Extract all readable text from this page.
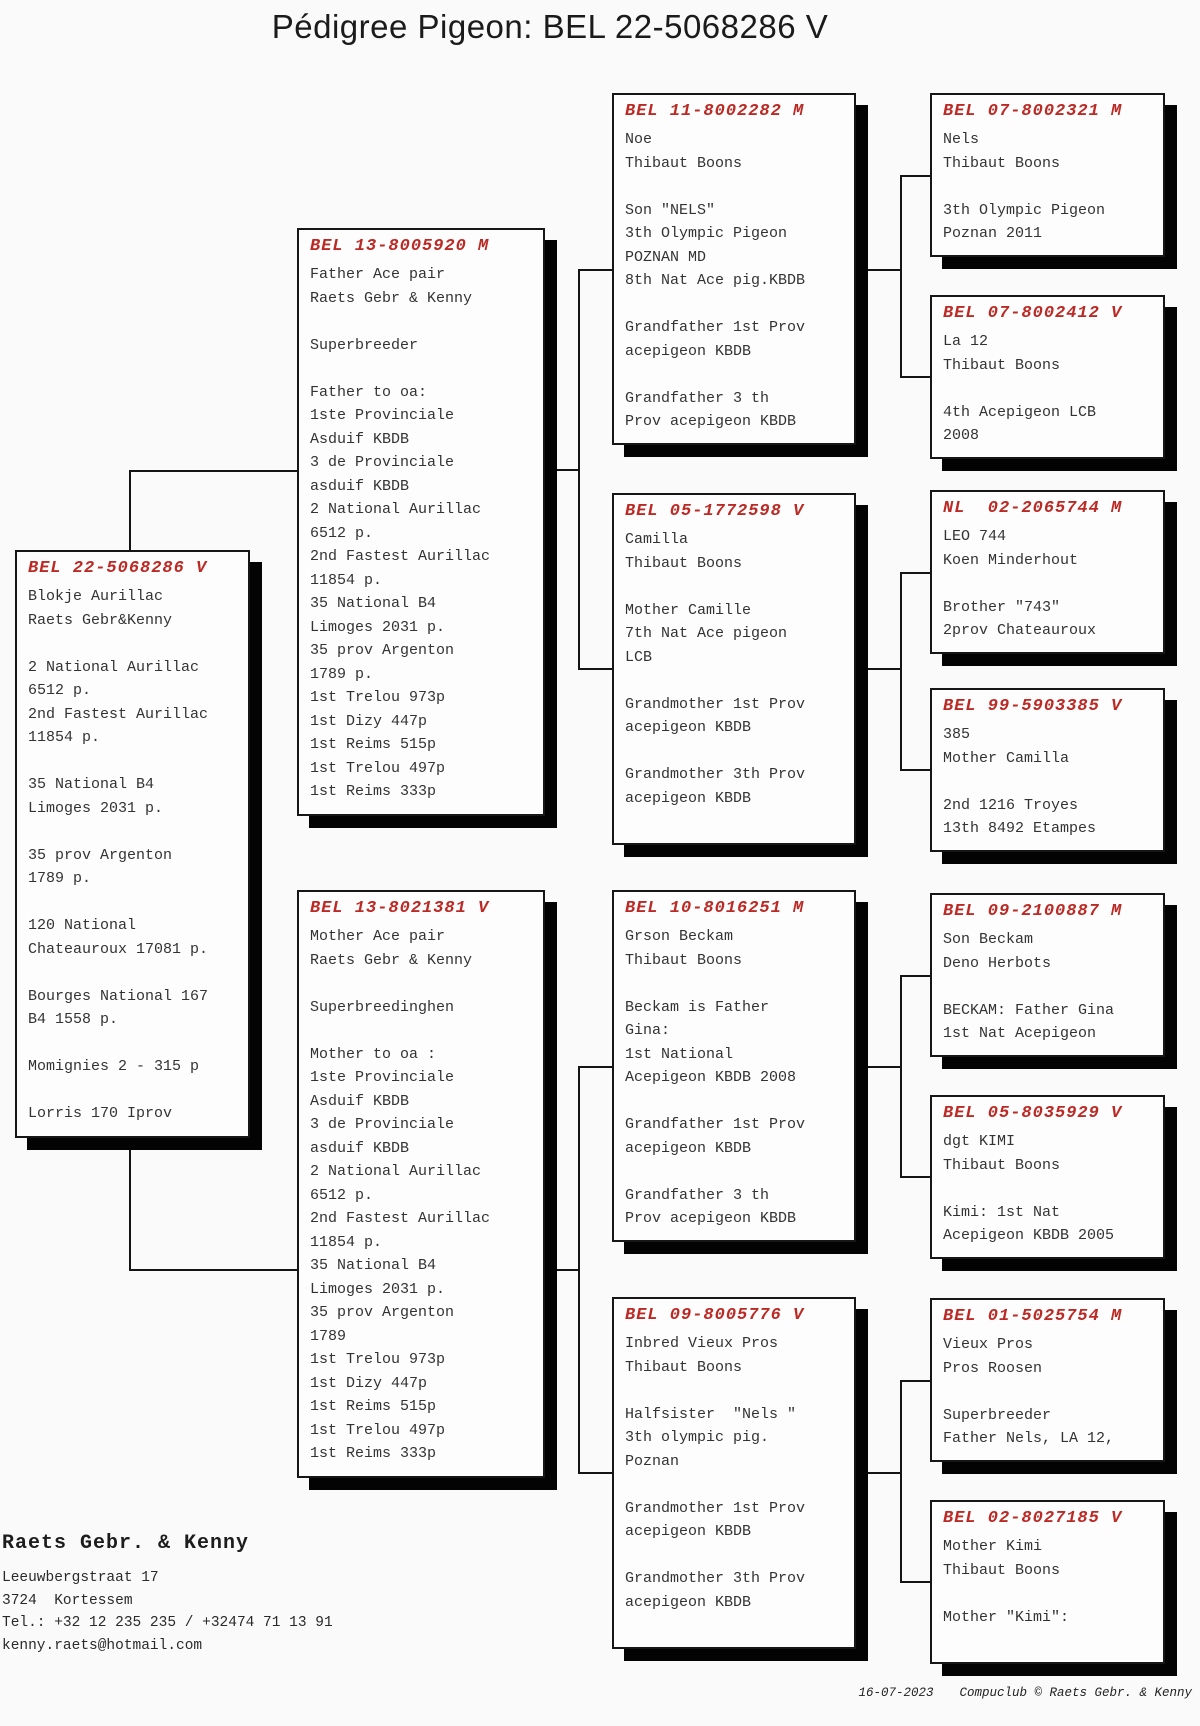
Pédigree Pigeon: BEL 22-5068286 V
BEL 22-5068286 V
Blokje Aurillac
Raets Gebr&Kenny

2 National Aurillac
6512 p.
2nd Fastest Aurillac
11854 p.

35 National B4
Limoges 2031 p.

35 prov Argenton
1789 p.

120 National
Chateauroux 17081 p.

Bourges National 167
B4 1558 p.

Momignies 2 - 315 p

Lorris 170 Iprov
BEL 13-8005920 M
Father Ace pair
Raets Gebr & Kenny

Superbreeder

Father to oa:
1ste Provinciale
Asduif KBDB
3 de Provinciale
asduif KBDB
2 National Aurillac
6512 p.
2nd Fastest Aurillac
11854 p.
35 National B4
Limoges 2031 p.
35 prov Argenton
1789 p.
1st Trelou 973p
1st Dizy 447p
1st Reims 515p
1st Trelou 497p
1st Reims 333p
BEL 13-8021381 V
Mother Ace pair
Raets Gebr & Kenny

Superbreedinghen

Mother to oa :
1ste Provinciale
Asduif KBDB
3 de Provinciale
asduif KBDB
2 National Aurillac
6512 p.
2nd Fastest Aurillac
11854 p.
35 National B4
Limoges 2031 p.
35 prov Argenton
1789
1st Trelou 973p
1st Dizy 447p
1st Reims 515p
1st Trelou 497p
1st Reims 333p
BEL 11-8002282 M
Noe
Thibaut Boons

Son "NELS"
3th Olympic Pigeon
POZNAN MD
8th Nat Ace pig.KBDB

Grandfather 1st Prov
acepigeon KBDB

Grandfather 3 th
Prov acepigeon KBDB
BEL 05-1772598 V
Camilla
Thibaut Boons

Mother Camille
7th Nat Ace pigeon
LCB

Grandmother 1st Prov
acepigeon KBDB

Grandmother 3th Prov
acepigeon KBDB
BEL 10-8016251 M
Grson Beckam
Thibaut Boons

Beckam is Father
Gina:
1st National
Acepigeon KBDB 2008

Grandfather 1st Prov
acepigeon KBDB

Grandfather 3 th
Prov acepigeon KBDB
BEL 09-8005776 V
Inbred Vieux Pros
Thibaut Boons

Halfsister  "Nels "
3th olympic pig.
Poznan

Grandmother 1st Prov
acepigeon KBDB

Grandmother 3th Prov
acepigeon KBDB
BEL 07-8002321 M
Nels
Thibaut Boons

3th Olympic Pigeon
Poznan 2011
BEL 07-8002412 V
La 12
Thibaut Boons

4th Acepigeon LCB
2008
NL  02-2065744 M
LEO 744
Koen Minderhout

Brother "743"
2prov Chateauroux
BEL 99-5903385 V
385
Mother Camilla

2nd 1216 Troyes
13th 8492 Etampes
BEL 09-2100887 M
Son Beckam
Deno Herbots

BECKAM: Father Gina
1st Nat Acepigeon
BEL 05-8035929 V
dgt KIMI
Thibaut Boons

Kimi: 1st Nat
Acepigeon KBDB 2005
BEL 01-5025754 M
Vieux Pros
Pros Roosen

Superbreeder
Father Nels, LA 12,
BEL 02-8027185 V
Mother Kimi
Thibaut Boons

Mother "Kimi":
Raets Gebr. & Kenny
Leeuwbergstraat 17
3724  Kortessem
Tel.: +32 12 235 235 / +32474 71 13 91
kenny.raets@hotmail.com

16-07-2023 Compuclub © Raets Gebr. & Kenny
